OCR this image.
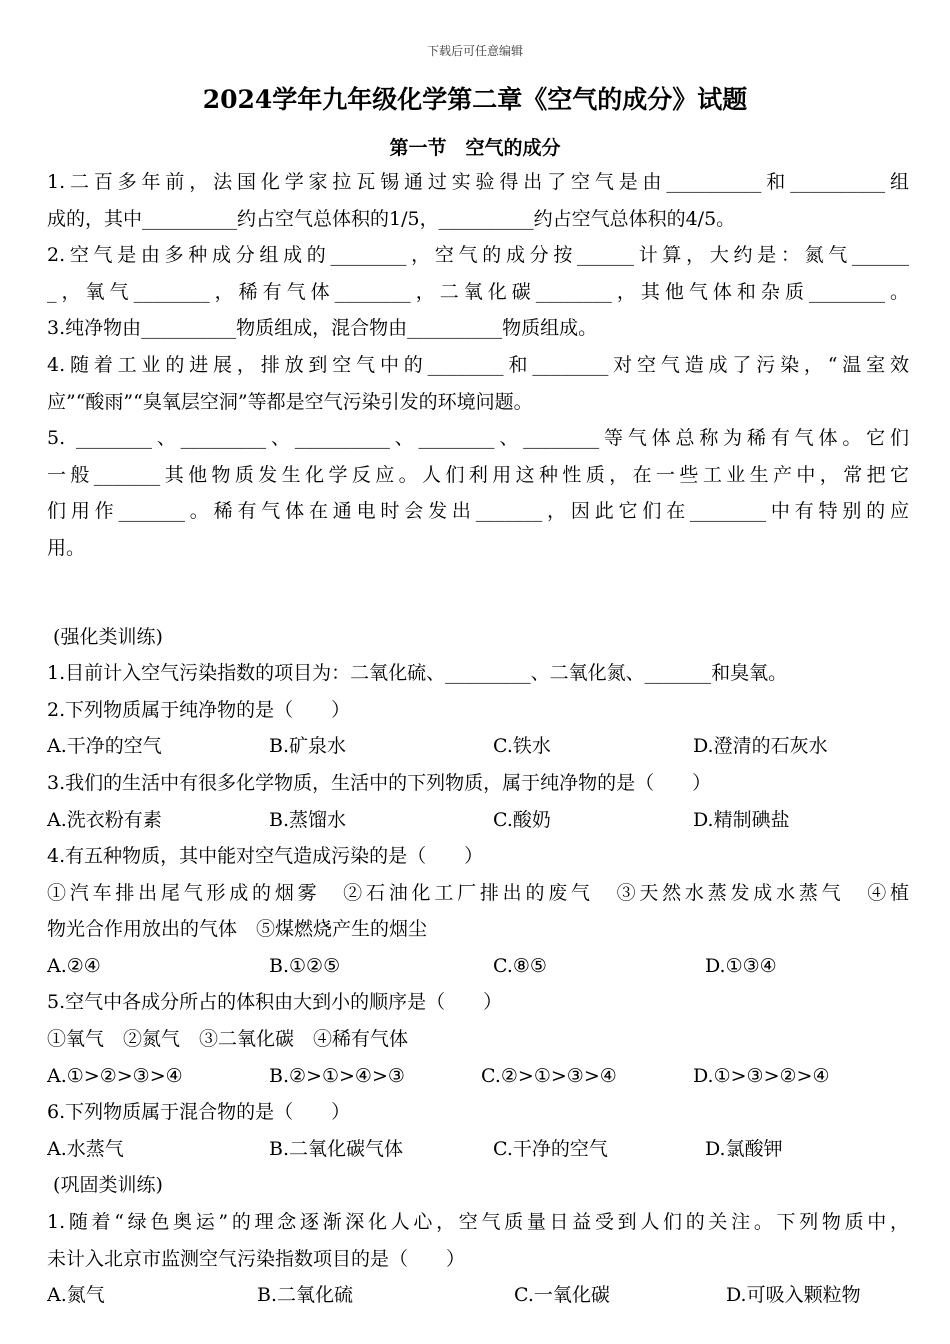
下载后可任意编辑
2024学年九年级化学第二章《空气的成分》试题
第一节　空气的成分
1.二百多年前，法国化学家拉瓦锡通过实验得出了空气是由__________和__________组
成的，其中__________约占空气总体积的1/5，__________约占空气总体积的4/5。
2.空气是由多种成分组成的________，空气的成分按______计算，大约是：氮气______
_，氧气________，稀有气体________，二氧化碳________，其他气体和杂质________。
3.纯净物由__________物质组成，混合物由__________物质组成。
4.随着工业的进展，排放到空气中的________和________对空气造成了污染，“温室效
应”“酸雨”“臭氧层空洞”等都是空气污染引发的环境问题。
5. ________、_________、__________、________、________等气体总称为稀有气体。它们
一般_______其他物质发生化学反应。人们利用这种性质，在一些工业生产中，常把它
们用作_______。稀有气体在通电时会发出_______，因此它们在________中有特别的应
用。
(强化类训练)
1.目前计入空气污染指数的项目为：二氧化硫、_________、二氧化氮、_______和臭氧。
2.下列物质属于纯净物的是（　　）
A.干净的空气	B.矿泉水	C.铁水	D.澄清的石灰水
3.我们的生活中有很多化学物质，生活中的下列物质，属于纯净物的是（　　）
A.洗衣粉有素	B.蒸馏水	C.酸奶	D.精制碘盐
4.有五种物质，其中能对空气造成污染的是（　　）
①汽车排出尾气形成的烟雾　②石油化工厂排出的废气　③天然水蒸发成水蒸气　④植
物光合作用放出的气体　⑤煤燃烧产生的烟尘
A.②④	B.①②⑤	C.⑧⑤	D.①③④
5.空气中各成分所占的体积由大到小的顺序是（　　）
①氧气　②氮气　③二氧化碳　④稀有气体
A.①>②>③>④	B.②>①>④>③	C.②>①>③>④	D.①>③>②>④
6.下列物质属于混合物的是（　　）
A.水蒸气	B.二氧化碳气体	C.干净的空气	D.氯酸钾
(巩固类训练)
1.随着“绿色奥运”的理念逐渐深化人心，空气质量日益受到人们的关注。下列物质中，
未计入北京市监测空气污染指数项目的是（　　）
A.氮气	B.二氧化硫	C.一氧化碳	D.可吸入颗粒物
